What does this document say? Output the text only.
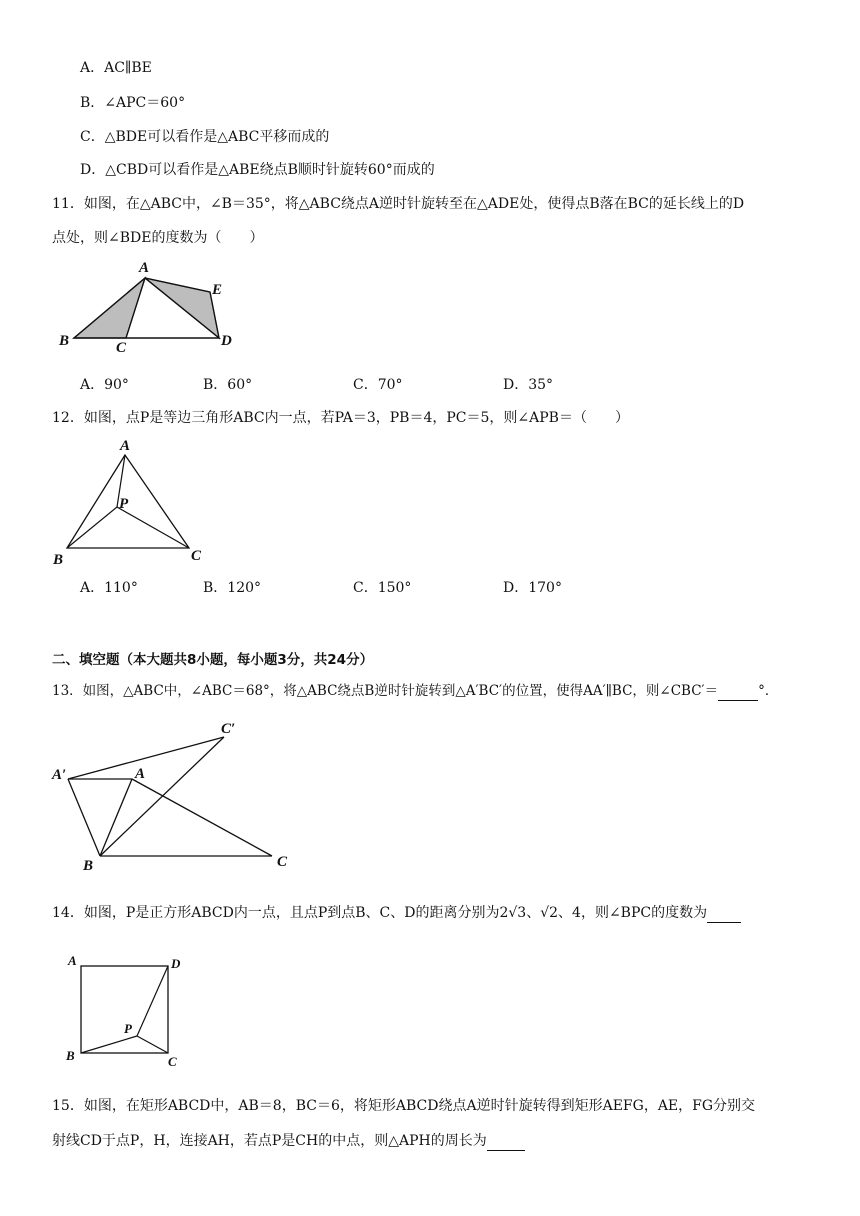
A．AC∥BE
B．∠APC＝60°
C．△BDE可以看作是△ABC平移而成的
D．△CBD可以看作是△ABE绕点B顺时针旋转60°而成的
11．如图，在△ABC中，∠B＝35°，将△ABC绕点A逆时针旋转至在△ADE处，使得点B落在BC的延长线上的D
点处，则∠BDE的度数为（　　）
A
B	C	D
E
A．90°	B．60°	C．70°	D．35°
12．如图，点P是等边三角形ABC内一点，若PA＝3，PB＝4，PC＝5，则∠APB＝（　　）
A
B	C
P
A．110°	B．120°	C．150°	D．170°
二、填空题（本大题共8小题，每小题3分，共24分）
13．如图，△ABC中，∠ABC＝68°，将△ABC绕点B逆时针旋转到△A′BC′的位置，使得AA′∥BC，则∠CBC′＝	°．
C′
A′	A
B	C
14．如图，P是正方形ABCD内一点，且点P到点B、C、D的距离分别为2√3、√2、4，则∠BPC的度数为
A	D
P
B	C
15．如图，在矩形ABCD中，AB＝8，BC＝6，将矩形ABCD绕点A逆时针旋转得到矩形AEFG，AE，FG分别交
射线CD于点P，H，连接AH，若点P是CH的中点，则△APH的周长为
